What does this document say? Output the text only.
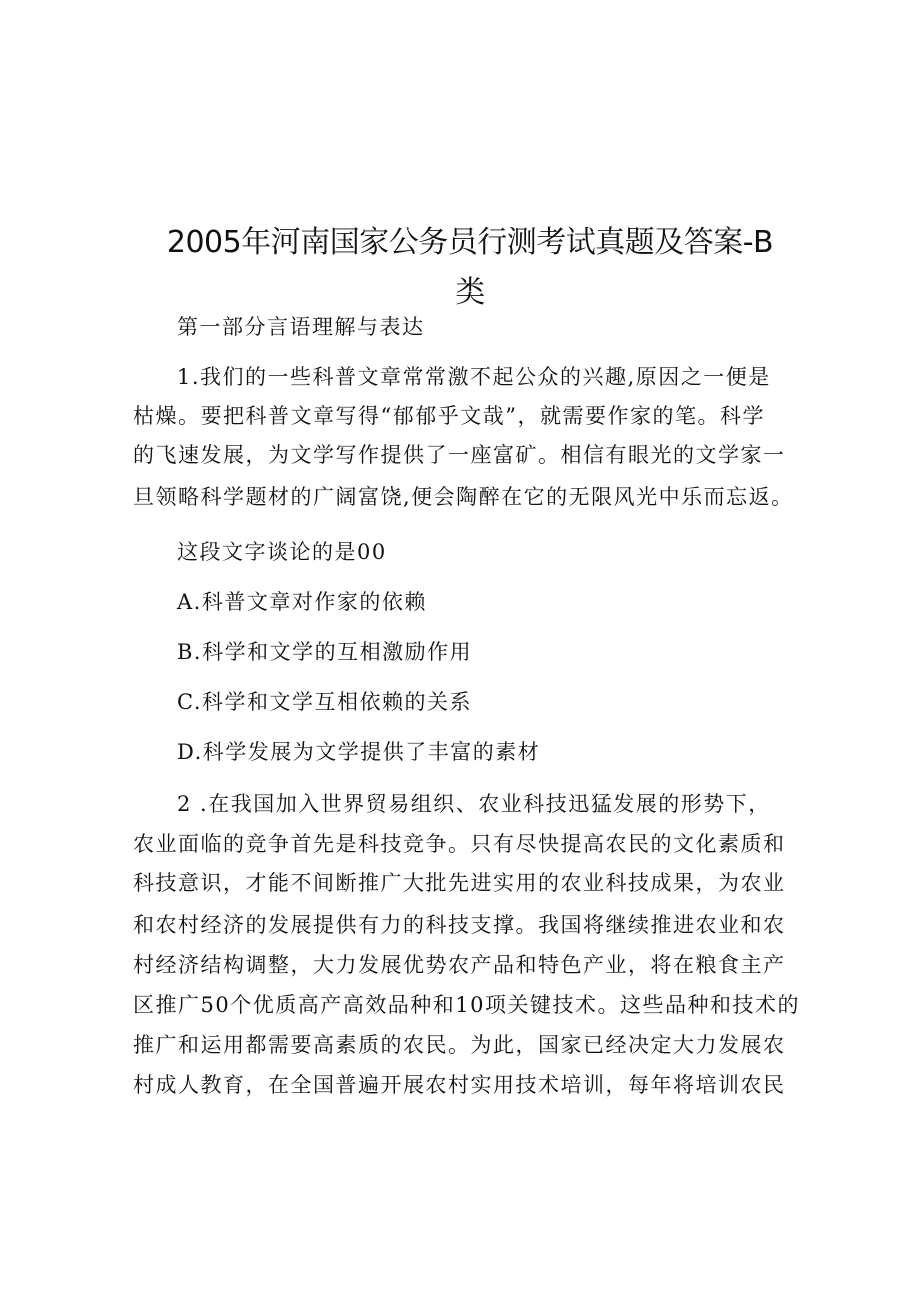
2005年河南国家公务员行测考试真题及答案-B
类

第一部分言语理解与表达

1.我们的一些科普文章常常激不起公众的兴趣,原因之一便是

枯燥。要把科普文章写得“郁郁乎文哉”，就需要作家的笔。科学

的飞速发展，为文学写作提供了一座富矿。相信有眼光的文学家一

旦领略科学题材的广阔富饶,便会陶醉在它的无限风光中乐而忘返。

这段文字谈论的是00

A.科普文章对作家的依赖

B.科学和文学的互相激励作用

C.科学和文学互相依赖的关系

D.科学发展为文学提供了丰富的素材

2 .在我国加入世界贸易组织、农业科技迅猛发展的形势下，

农业面临的竞争首先是科技竞争。只有尽快提高农民的文化素质和

科技意识，才能不间断推广大批先进实用的农业科技成果，为农业

和农村经济的发展提供有力的科技支撑。我国将继续推进农业和农

村经济结构调整，大力发展优势农产品和特色产业，将在粮食主产

区推广50个优质高产高效品种和10项关键技术。这些品种和技术的

推广和运用都需要高素质的农民。为此，国家已经决定大力发展农

村成人教育，在全国普遍开展农村实用技术培训，每年将培训农民
